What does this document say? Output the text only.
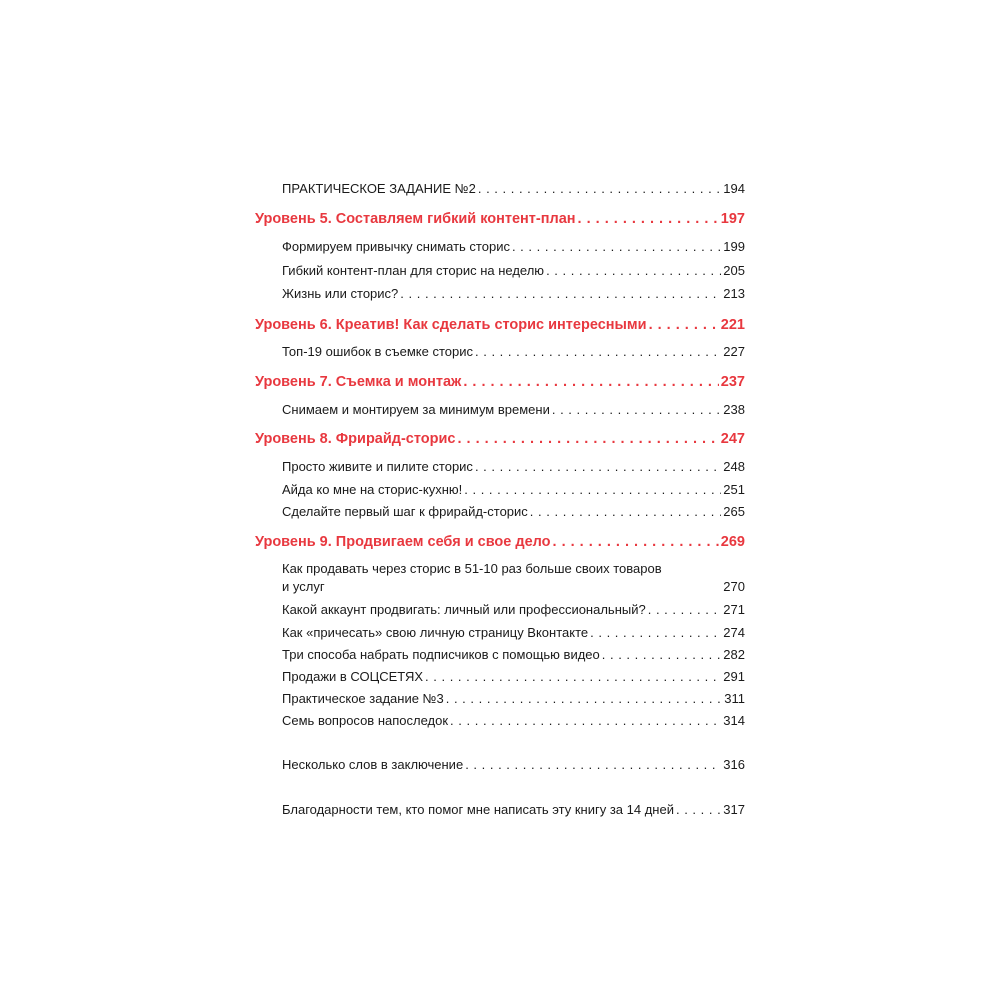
ПРАКТИЧЕСКОЕ ЗАДАНИЕ №2 . . .	194
Уровень 5. Составляем гибкий контент-план . . .	197
Формируем привычку снимать сторис . . .	199
Гибкий контент-план для сторис на неделю . . .	205
Жизнь или сторис? . . .	213
Уровень 6. Креатив! Как сделать сторис интересными . . .	221
Топ-19 ошибок в съемке сторис . . .	227
Уровень 7. Съемка и монтаж . . .	237
Снимаем и монтируем за минимум времени . . .	238
Уровень 8. Фрирайд-сторис . . .	247
Просто живите и пилите сторис . . .	248
Айда ко мне на сторис-кухню! . . .	251
Сделайте первый шаг к фрирайд-сторис . . .	265
Уровень 9. Продвигаем себя и свое дело . . .	269
Как продавать через сторис в 51-10 раз больше своих товаров
и услуг	270
Какой аккаунт продвигать: личный или профессиональный? . . .	271
Как «причесать» свою личную страницу Вконтакте . . .	274
Три способа набрать подписчиков с помощью видео . . .	282
Продажи в СОЦСЕТЯХ . . .	291
Практическое задание №3 . . .	311
Семь вопросов напоследок . . .	314
Несколько слов в заключение . . .	316
Благодарности тем, кто помог мне написать эту книгу за 14 дней . . .	317
